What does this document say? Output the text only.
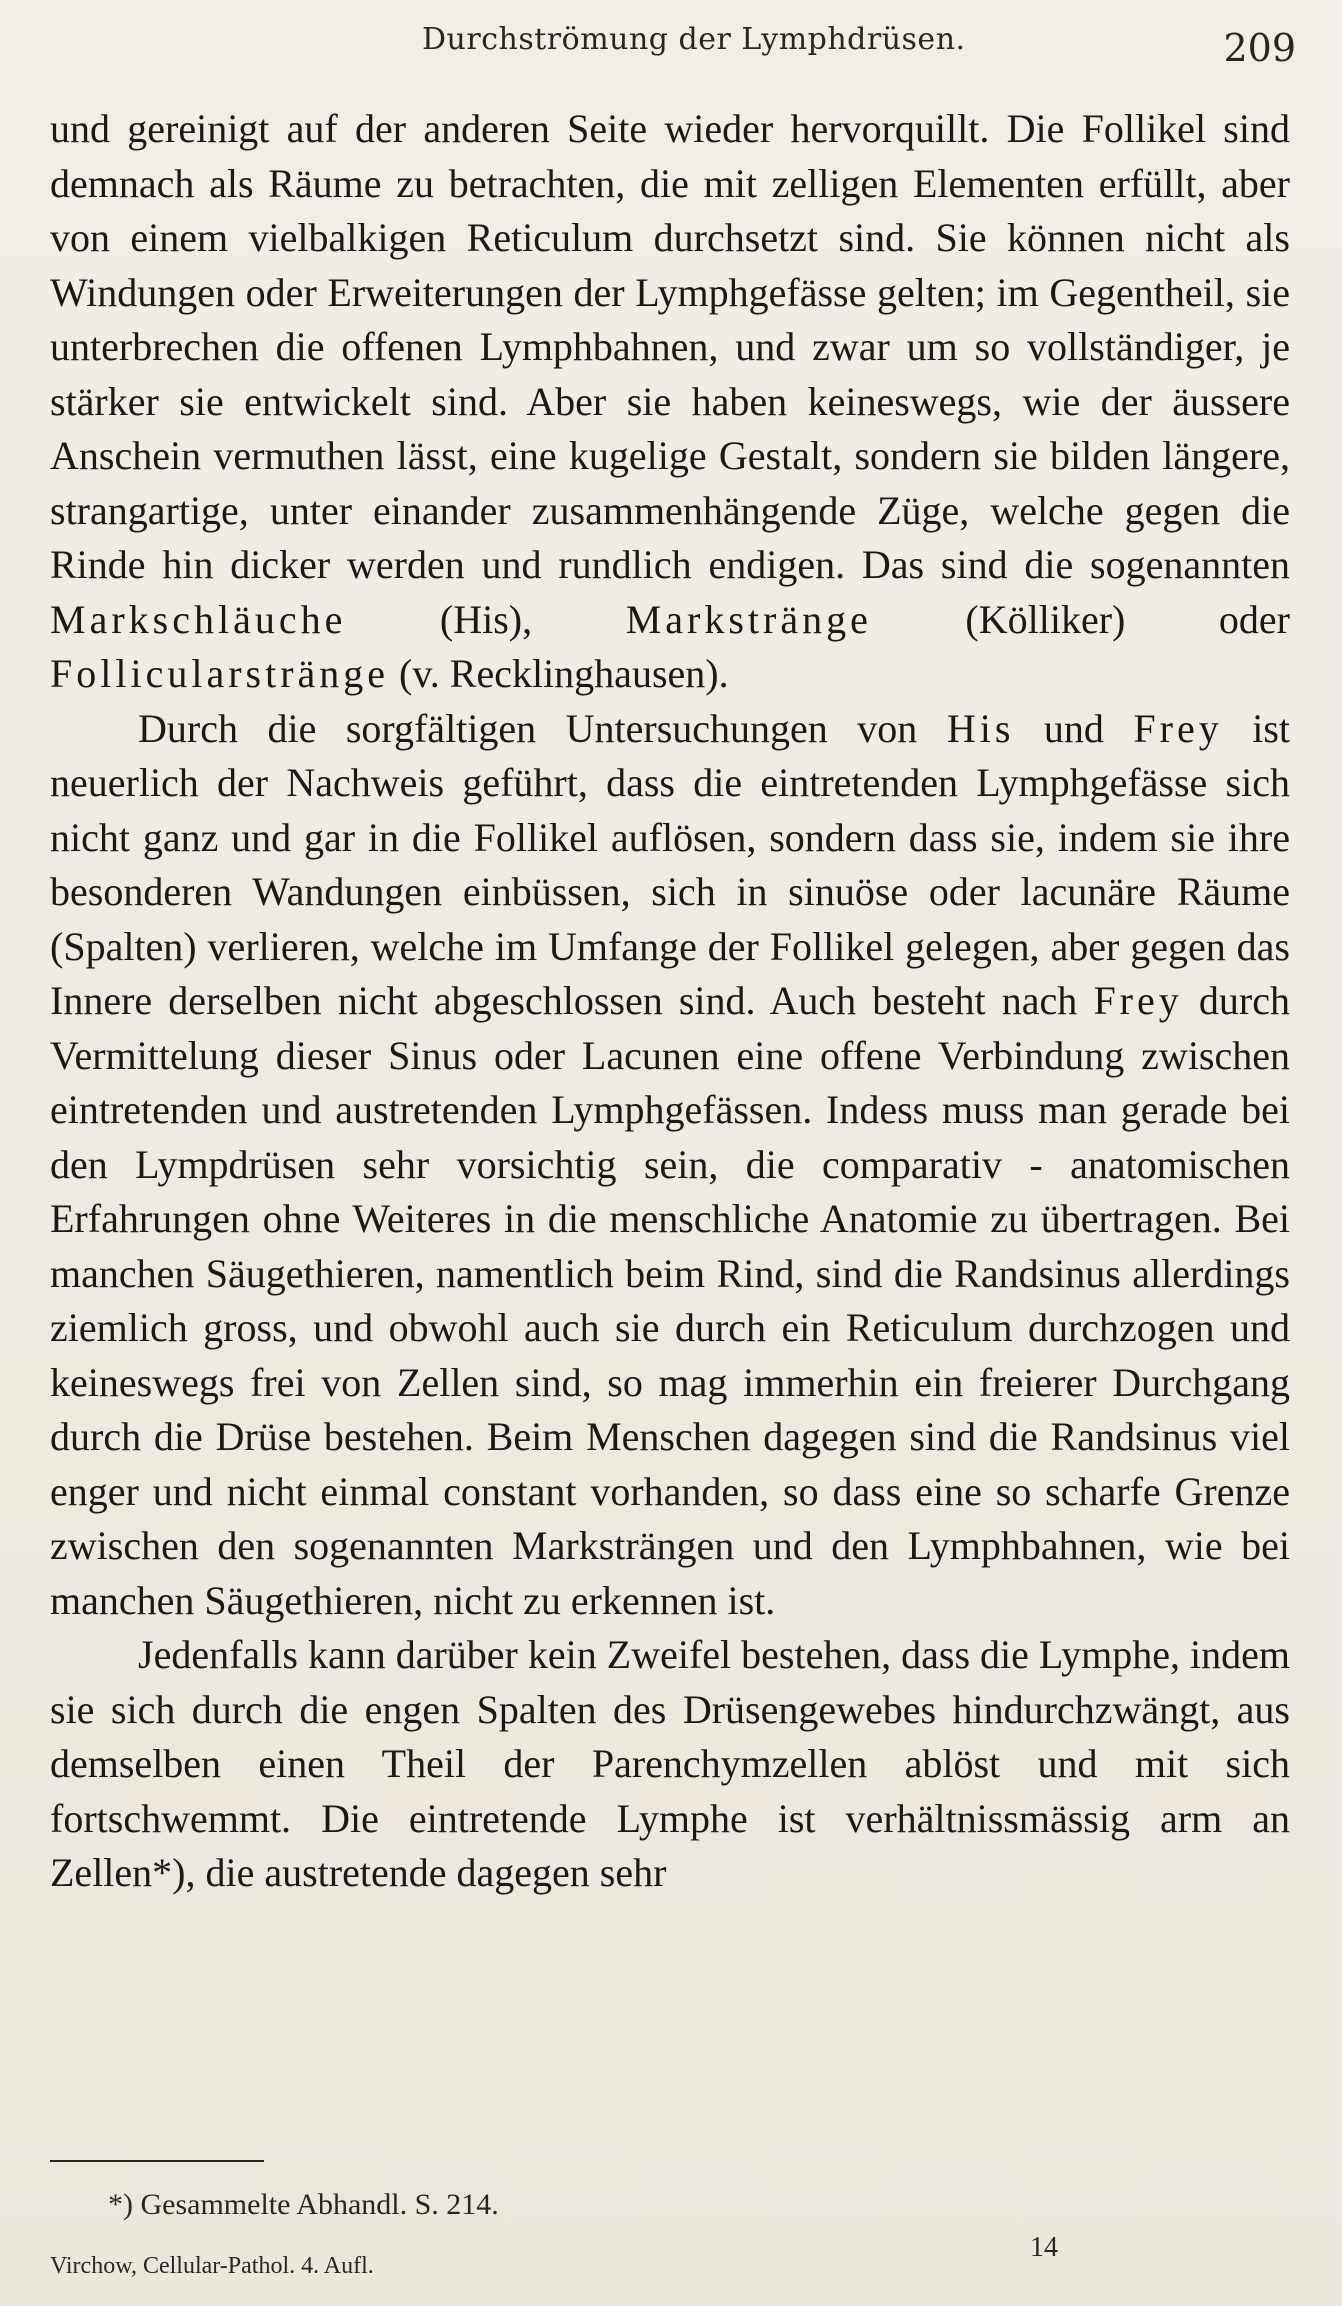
Durchströmung der Lymphdrüsen.	209

und gereinigt auf der anderen Seite wieder hervorquillt. Die Follikel sind demnach als Räume zu betrachten, die mit zelligen Elementen erfüllt, aber von einem vielbalkigen Reticulum durchsetzt sind. Sie können nicht als Windungen oder Erweiterungen der Lymphgefässe gelten; im Gegentheil, sie unterbrechen die offenen Lymphbahnen, und zwar um so vollständiger, je stärker sie entwickelt sind. Aber sie haben keineswegs, wie der äussere Anschein vermuthen lässt, eine kugelige Gestalt, sondern sie bilden längere, strangartige, unter einander zusammenhängende Züge, welche gegen die Rinde hin dicker werden und rundlich endigen. Das sind die sogenannten Markschläuche (His), Markstränge (Kölliker) oder Follicularstränge (v. Recklinghausen).

Durch die sorgfältigen Untersuchungen von His und Frey ist neuerlich der Nachweis geführt, dass die eintretenden Lymphgefässe sich nicht ganz und gar in die Follikel auflösen, sondern dass sie, indem sie ihre besonderen Wandungen einbüssen, sich in sinuöse oder lacunäre Räume (Spalten) verlieren, welche im Umfange der Follikel gelegen, aber gegen das Innere derselben nicht abgeschlossen sind. Auch besteht nach Frey durch Vermittelung dieser Sinus oder Lacunen eine offene Verbindung zwischen eintretenden und austretenden Lymphgefässen. Indess muss man gerade bei den Lympdrüsen sehr vorsichtig sein, die comparativ - anatomischen Erfahrungen ohne Weiteres in die menschliche Anatomie zu übertragen. Bei manchen Säugethieren, namentlich beim Rind, sind die Randsinus allerdings ziemlich gross, und obwohl auch sie durch ein Reticulum durchzogen und keineswegs frei von Zellen sind, so mag immerhin ein freierer Durchgang durch die Drüse bestehen. Beim Menschen dagegen sind die Randsinus viel enger und nicht einmal constant vorhanden, so dass eine so scharfe Grenze zwischen den sogenannten Marksträngen und den Lymphbahnen, wie bei manchen Säugethieren, nicht zu erkennen ist.

Jedenfalls kann darüber kein Zweifel bestehen, dass die Lymphe, indem sie sich durch die engen Spalten des Drüsengewebes hindurchzwängt, aus demselben einen Theil der Parenchymzellen ablöst und mit sich fortschwemmt. Die eintretende Lymphe ist verhältnissmässig arm an Zellen*), die austretende dagegen sehr

*) Gesammelte Abhandl. S. 214.
Virchow, Cellular-Pathol. 4. Aufl.
14
